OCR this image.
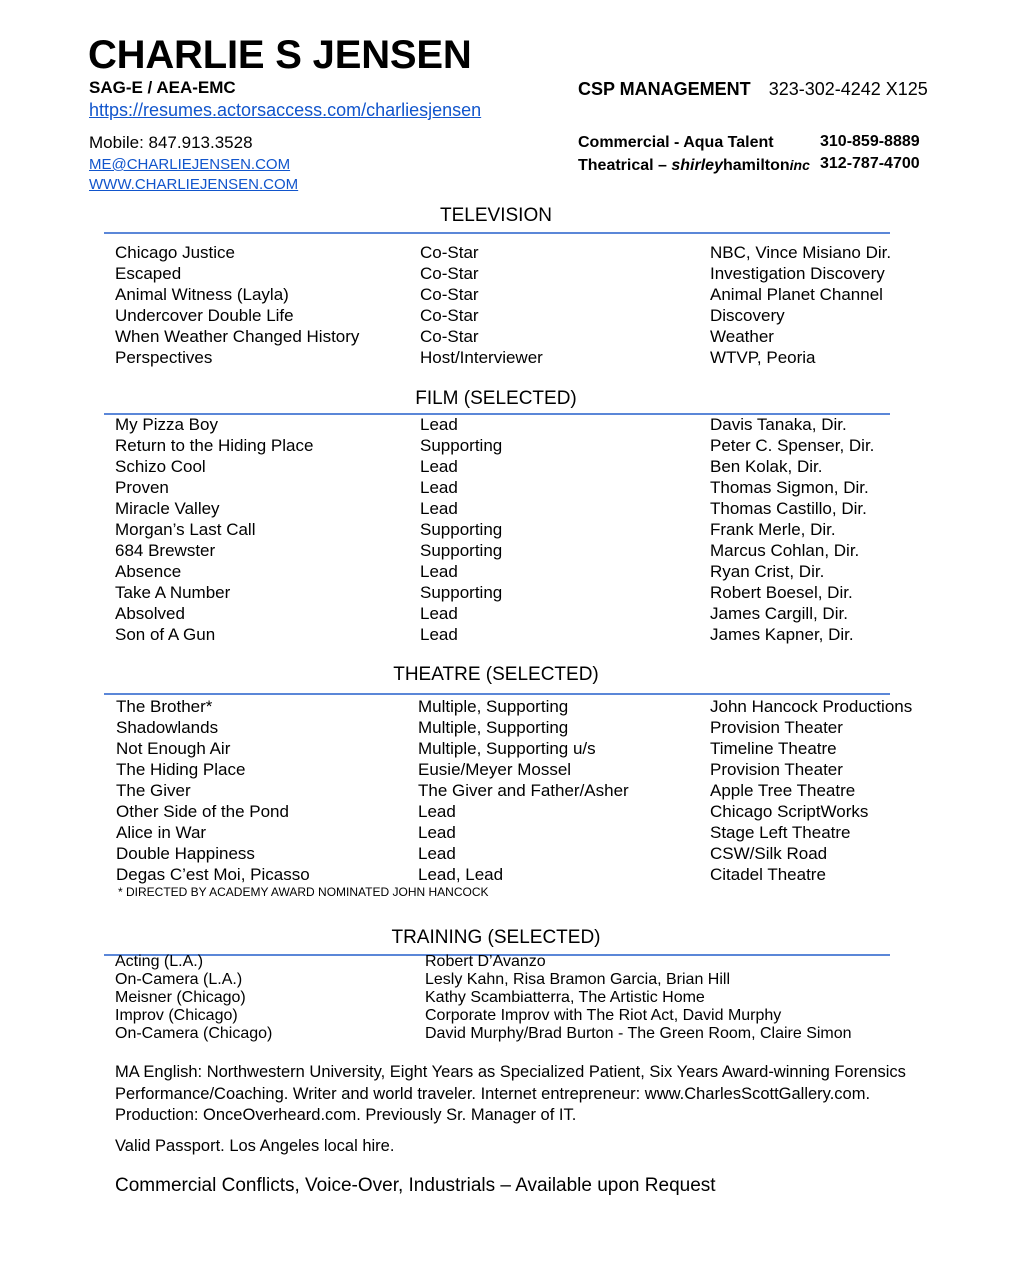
CHARLIE S JENSEN
SAG-E / AEA-EMC
https://resumes.actorsaccess.com/charliesjensen
Mobile: 847.913.3528
ME@CHARLIEJENSEN.COM
WWW.CHARLIEJENSEN.COM
CSP MANAGEMENT 323-302-4242 X125
Commercial - Aqua Talent	310-859-8889
Theatrical – shirleyhamiltoninc 312-787-4700
TELEVISION
Chicago Justice	Co-Star	NBC, Vince Misiano Dir.
Escaped	Co-Star	Investigation Discovery
Animal Witness (Layla)	Co-Star	Animal Planet Channel
Undercover Double Life	Co-Star	Discovery
When Weather Changed History	Co-Star	Weather
Perspectives	Host/Interviewer	WTVP, Peoria
FILM (SELECTED)
My Pizza Boy	Lead	Davis Tanaka, Dir.
Return to the Hiding Place	Supporting	Peter C. Spenser, Dir.
Schizo Cool	Lead	Ben Kolak, Dir.
Proven	Lead	Thomas Sigmon, Dir.
Miracle Valley	Lead	Thomas Castillo, Dir.
Morgan’s Last Call	Supporting	Frank Merle, Dir.
684 Brewster	Supporting	Marcus Cohlan, Dir.
Absence	Lead	Ryan Crist, Dir.
Take A Number	Supporting	Robert Boesel, Dir.
Absolved	Lead	James Cargill, Dir.
Son of A Gun	Lead	James Kapner, Dir.
THEATRE (SELECTED)
The Brother*	Multiple, Supporting	John Hancock Productions
Shadowlands	Multiple, Supporting	Provision Theater
Not Enough Air	Multiple, Supporting u/s	Timeline Theatre
The Hiding Place	Eusie/Meyer Mossel	Provision Theater
The Giver	The Giver and Father/Asher	Apple Tree Theatre
Other Side of the Pond	Lead	Chicago ScriptWorks
Alice in War	Lead	Stage Left Theatre
Double Happiness	Lead	CSW/Silk Road
Degas C’est Moi, Picasso	Lead, Lead	Citadel Theatre
* DIRECTED BY ACADEMY AWARD NOMINATED JOHN HANCOCK
TRAINING (SELECTED)
Acting (L.A.)	Robert D’Avanzo
On-Camera (L.A.)	Lesly Kahn, Risa Bramon Garcia, Brian Hill
Meisner (Chicago)	Kathy Scambiatterra, The Artistic Home
Improv (Chicago)	Corporate Improv with The Riot Act, David Murphy
On-Camera (Chicago)	David Murphy/Brad Burton - The Green Room, Claire Simon
MA English: Northwestern University, Eight Years as Specialized Patient, Six Years Award-winning Forensics
Performance/Coaching. Writer and world traveler. Internet entrepreneur: www.CharlesScottGallery.com.
Production: OnceOverheard.com. Previously Sr. Manager of IT.
Valid Passport. Los Angeles local hire.
Commercial Conflicts, Voice-Over, Industrials – Available upon Request
